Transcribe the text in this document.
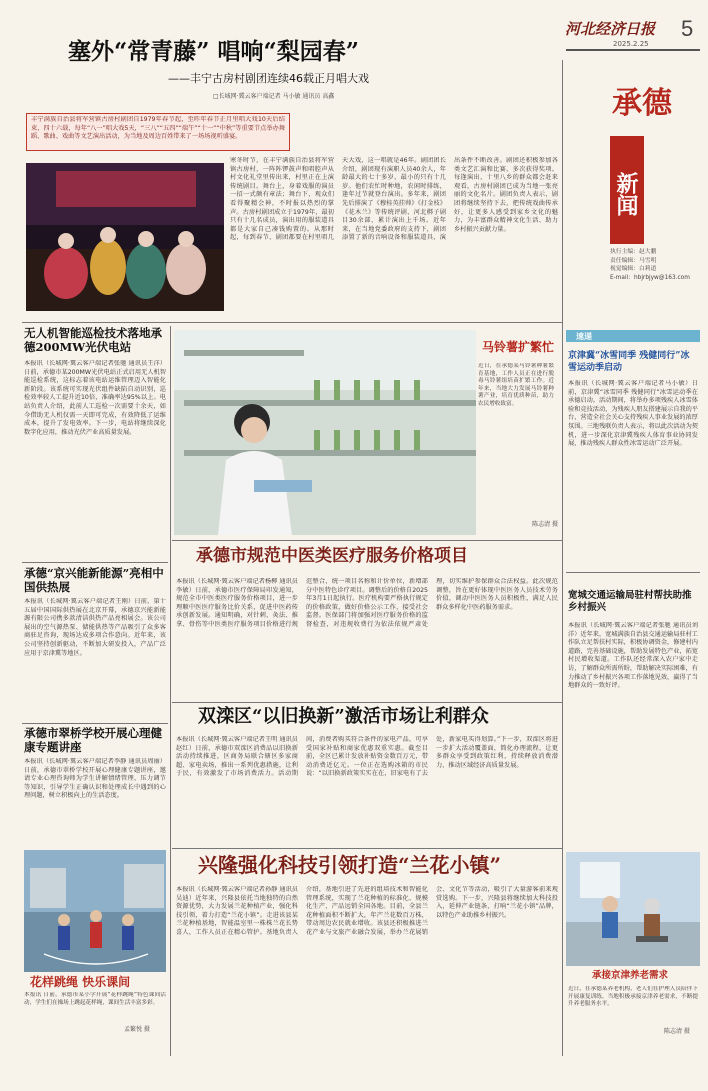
河北经济日报
2025.2.25
5
承德
新闻
执行主编：赵大鹏
责任编辑：马雪明
视觉编辑：白莉道
E-mail：hbjrbjyw@163.com
速递
塞外“常青藤” 唱响“梨园春”
——丰宁古房村剧团连续46载正月唱大戏
□长城网·冀云客户端记者 马小敏 通讯员 高鑫
丰宁满族自治县将军营镇古房村剧团自1979年春节起，至昨年春节正月里唱大戏10天后结束，四十六载，每年“八一”唱大戏5天，“三八”“五四”“端午”“十一”“中秋”等重要节点举办舞蹈、歌曲、戏曲等文艺演出活动，为当地及周边百姓带来了一场场视听盛宴。
寒冬时节，在丰宁满族自治县将军营镇古房村，一阵阵锣鼓声和唱腔声从村文化礼堂里传出来，村里正在上演传统剧目。舞台上，身着戏服的演员一招一式颇有章法；舞台下，观众们看得聚精会神，不时报以热烈的掌声。古房村剧团成立于1979年，最初只有十几名成员，演出用的服装道具都是大家自己凑钱购置的。从那时起，每到春节，剧团都要在村里唱几天大戏，这一唱就是46年。剧团团长介绍，剧团现有演职人员40余人，年龄最大的七十多岁，最小的只有十几岁。他们农忙时种地，农闲时排练，逢年过节就登台演出。多年来，剧团先后排演了《穆桂英挂帅》《打金枝》《花木兰》等传统评剧、河北梆子剧目30余部，累计演出上千场。近年来，在当地党委政府的支持下，剧团添置了新的音响设备和服装道具，演出条件不断改善。剧团还积极参加各类文艺汇演和比赛，多次获得奖项。每逢演出，十里八乡的群众都会赶来观看，古房村剧团已成为当地一张亮丽的文化名片。剧团负责人表示，剧团将继续坚持下去，把传统戏曲传承好，让更多人感受到家乡文化的魅力，为丰富群众精神文化生活、助力乡村振兴贡献力量。
无人机智能巡检技术落地承德200MW光伏电站
本报讯（长城网·冀云客户端记者张驰 通讯员王洋）日前，承德市某200MW光伏电站正式启用无人机智能巡检系统，这标志着该电站运维管理迈入智能化新阶段。该系统可实现光伏组件缺陷自动识别，巡检效率较人工提升近10倍，准确率达95%以上。电站负责人介绍，此前人工巡检一次需要十余天，如今借助无人机仅需一天即可完成，有效降低了运维成本，提升了发电效率。下一步，电站将继续深化数字化应用，推动光伏产业高质量发展。
承德“京兴能新能源”亮相中国供热展
本报讯（长城网·冀云客户端记者王刚）日前，第十五届中国国际供热展在北京开幕，承德京兴能新能源有限公司携多款清洁供热产品亮相展会。该公司展出的空气源热泵、储能供热等产品吸引了众多客商驻足咨询，现场达成多项合作意向。近年来，该公司坚持创新驱动，不断加大研发投入，产品广泛应用于京津冀等地区。
承德市翠桥学校开展心理健康专题讲座
本报讯（长城网·冀云客户端记者李静 通讯员周丽）日前，承德市翠桥学校开展心理健康专题讲座，邀请专业心理咨询师为学生讲解情绪管理、压力调节等知识，引导学生正确认识和处理成长中遇到的心理问题，树立积极向上的生活态度。
花样跳绳 快乐课间
本报讯 日前，承德市某小学开展“花样跳绳”特色课间活动，学生们在操场上跳起花样绳，课间生活丰富多彩。
孟繁悦 摄
马铃薯扩繁忙
近日，在承德某马铃薯种薯繁育基地，工作人员正在进行脱毒马铃薯组培苗扩繁工作。近年来，当地大力发展马铃薯种薯产业，培育优质种苗，助力农民增收致富。
陈志清 摄
承德市规范中医类医疗服务价格项目
本报讯（长城网·冀云客户端记者杨柳 通讯员李敏）日前，承德市医疗保障局印发通知，规范全市中医类医疗服务价格项目，进一步理顺中医医疗服务比价关系，促进中医药传承创新发展。通知明确，对针刺、灸法、推拿、骨伤等中医类医疗服务项目价格进行规范整合，统一项目名称和计价单位，新增部分中医特色诊疗项目。调整后的价格自2025年3月1日起执行。医疗机构要严格执行规定的价格政策，做好价格公示工作，接受社会监督。医保部门将加强对医疗服务价格的监督检查，对违规收费行为依法依规严肃处理，切实维护参保群众合法权益。此次规范调整，旨在更好体现中医医务人员技术劳务价值，调动中医医务人员积极性，满足人民群众多样化中医药服务需求。
双滦区“以旧换新”激活市场让利群众
本报讯（长城网·冀云客户端记者王明 通讯员赵红）日前，承德市双滦区消费品以旧换新活动持续推进，区商务局联合辖区多家商超、家电卖场，推出一系列优惠措施，让利于民，有效激发了市场消费活力。活动期间，消费者购买符合条件的家电产品，可享受国家补贴和商家优惠双重实惠。截至目前，全区已累计发放补贴资金数百万元，带动消费近亿元。一位正在选购冰箱的市民说：“以旧换新政策实实在在，旧家电有了去处，新家电买得划算。”下一步，双滦区将进一步扩大活动覆盖面，简化办理流程，让更多群众享受到政策红利，持续释放消费潜力，推动区域经济高质量发展。
兴隆强化科技引领打造“兰花小镇”
本报讯（长城网·冀云客户端记者孙静 通讯员吴迪）近年来，兴隆县依托当地独特的自然资源优势，大力发展兰花种植产业，强化科技引领，着力打造“兰花小镇”。走进该县某兰花种植基地，智能温室里一株株兰花长势喜人，工作人员正在精心管护。基地负责人介绍，基地引进了先进的组培技术和智能化管理系统，实现了兰花种植的标准化、规模化生产，产品远销全国各地。目前，全县兰花种植面积不断扩大，年产兰花数百万株，带动周边农民就业增收。该县还积极推进兰花产业与文旅产业融合发展，举办兰花展销会、文化节等活动，吸引了大量游客前来观赏选购。下一步，兴隆县将继续加大科技投入，延伸产业链条，打响“兰花小镇”品牌，以特色产业助推乡村振兴。
京津冀“冰雪同季 残健同行”冰雪运动季启动
本报讯（长城网·冀云客户端记者马小敏）日前，京津冀“冰雪同季 残健同行”冰雪运动季在承德启动。活动期间，将举办多项残疾人冰雪体验和竞技活动，为残疾人朋友搭建展示自我的平台，营造全社会关心支持残疾人事业发展的浓厚氛围。三地残联负责人表示，将以此次活动为契机，进一步深化京津冀残疾人体育事业协同发展，推动残疾人群众性冰雪运动广泛开展。
宽城交通运输局驻村帮扶助推乡村振兴
本报讯（长城网·冀云客户端记者张驰 通讯员刘洋）近年来，宽城满族自治县交通运输局驻村工作队立足帮扶村实际，积极协调资金，修建村内道路，完善基础设施，帮助发展特色产业，拓宽村民增收渠道。工作队还经常深入农户家中走访，了解群众所需所盼，帮助解决实际困难，有力推动了乡村振兴各项工作落地见效，赢得了当地群众的一致好评。
承接京津养老需求
近日，在承德某养老机构，老人们在护理人员陪伴下开展康复训练。当地积极承接京津养老需求，不断提升养老服务水平。
陈志清 摄
